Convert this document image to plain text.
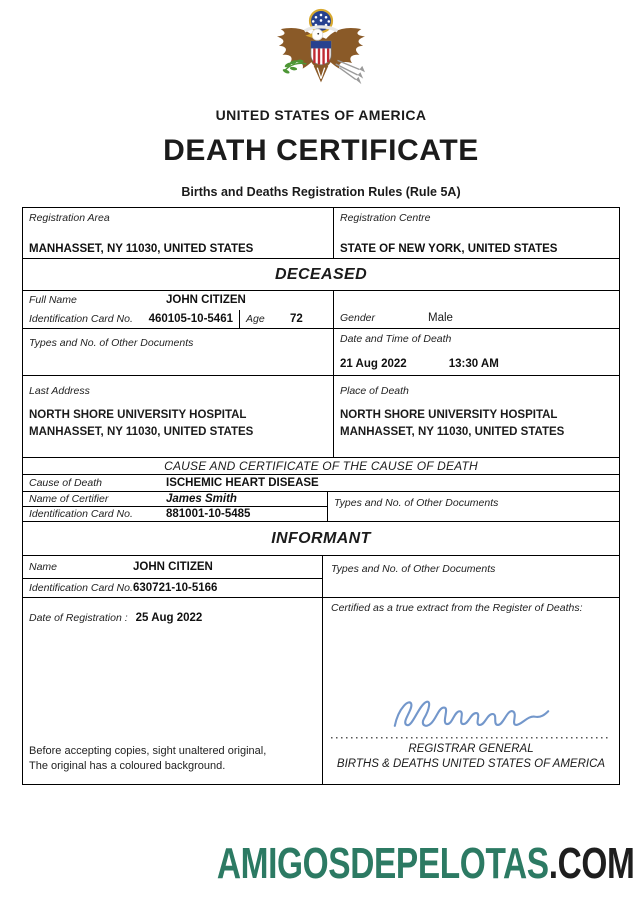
UNITED STATES OF AMERICA
DEATH CERTIFICATE
Births and Deaths Registration Rules (Rule 5A)
Registration Area
MANHASSET, NY 11030, UNITED STATES
Registration Centre
STATE OF NEW YORK, UNITED STATES
DECEASED
Full Name	JOHN CITIZEN
Identification Card No.	460105-10-5461 Age	72	Gender	Male
Types and No. of Other Documents	Date and Time of Death
21 Aug 2022	13:30 AM
Last Address
NORTH SHORE UNIVERSITY HOSPITAL
MANHASSET, NY 11030, UNITED STATES
Place of Death
NORTH SHORE UNIVERSITY HOSPITAL
MANHASSET, NY 11030, UNITED STATES
CAUSE AND CERTIFICATE OF THE CAUSE OF DEATH
Cause of Death	ISCHEMIC HEART DISEASE
Name of Certifier	James Smith
Identification Card No.	881001-10-5485
Types and No. of Other Documents
INFORMANT
Name	JOHN CITIZEN
Identification Card No. 630721-10-5166
Date of Registration : 25 Aug 2022
Before accepting copies, sight unaltered original,
The original has a coloured background.
Types and No. of Other Documents
Certified as a true extract from the Register of Deaths:
REGISTRAR GENERAL
BIRTHS & DEATHS UNITED STATES OF AMERICA
AMIGOSDEPELOTAS.COM
